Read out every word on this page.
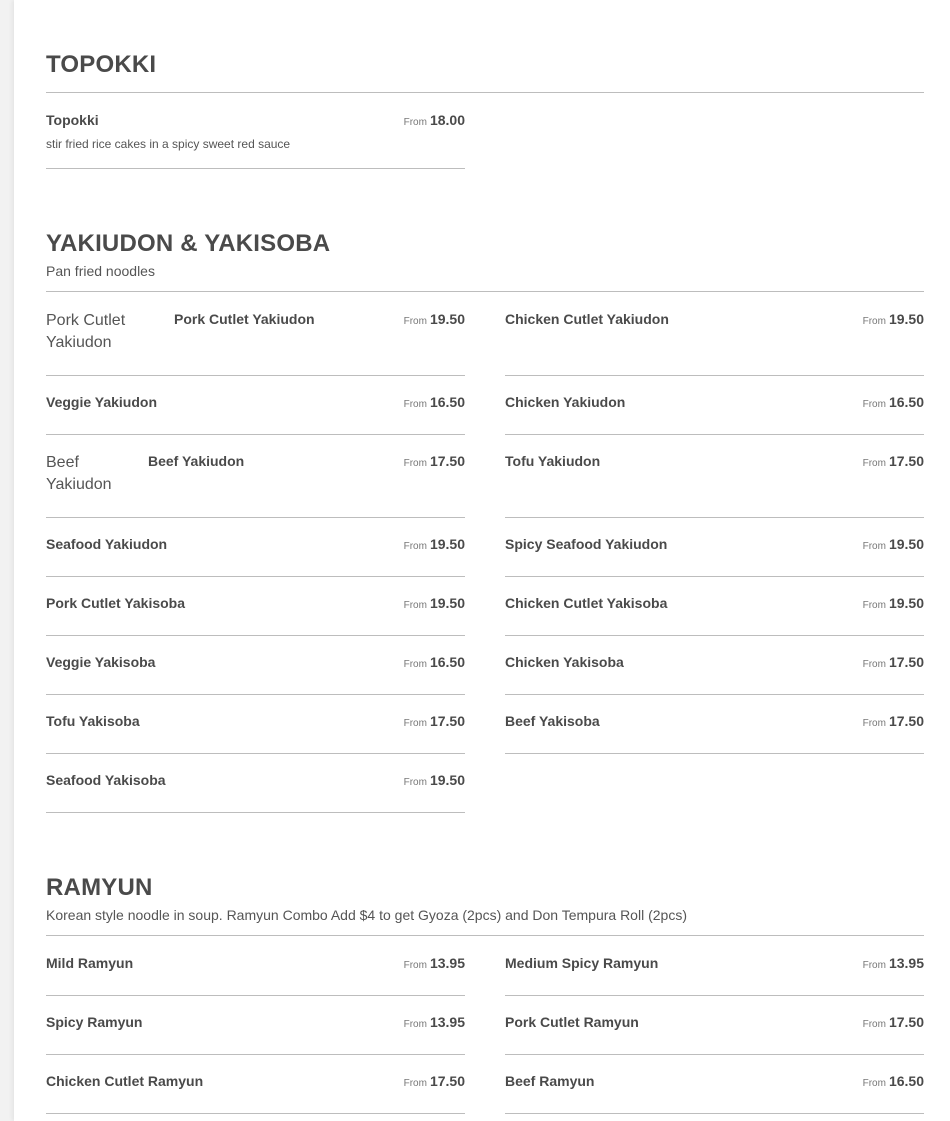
TOPOKKI
Topokki
stir fried rice cakes in a spicy sweet red sauce
From 18.00
YAKIUDON & YAKISOBA
Pan fried noodles
Pork Cutlet
Yakiudon
Pork Cutlet Yakiudon	From 19.50	Chicken Cutlet Yakiudon	From 19.50
Veggie Yakiudon	From 16.50	Chicken Yakiudon	From 16.50
Beef
Yakiudon
Beef Yakiudon	From 17.50	Tofu Yakiudon	From 17.50
Seafood Yakiudon	From 19.50	Spicy Seafood Yakiudon	From 19.50
Pork Cutlet Yakisoba	From 19.50	Chicken Cutlet Yakisoba	From 19.50
Veggie Yakisoba	From 16.50	Chicken Yakisoba	From 17.50
Tofu Yakisoba	From 17.50	Beef Yakisoba	From 17.50
Seafood Yakisoba	From 19.50
RAMYUN
Korean style noodle in soup. Ramyun Combo Add $4 to get Gyoza (2pcs) and Don Tempura Roll (2pcs)
Mild Ramyun	From 13.95	Medium Spicy Ramyun	From 13.95
Spicy Ramyun	From 13.95	Pork Cutlet Ramyun	From 17.50
Chicken Cutlet Ramyun	From 17.50	Beef Ramyun	From 16.50
